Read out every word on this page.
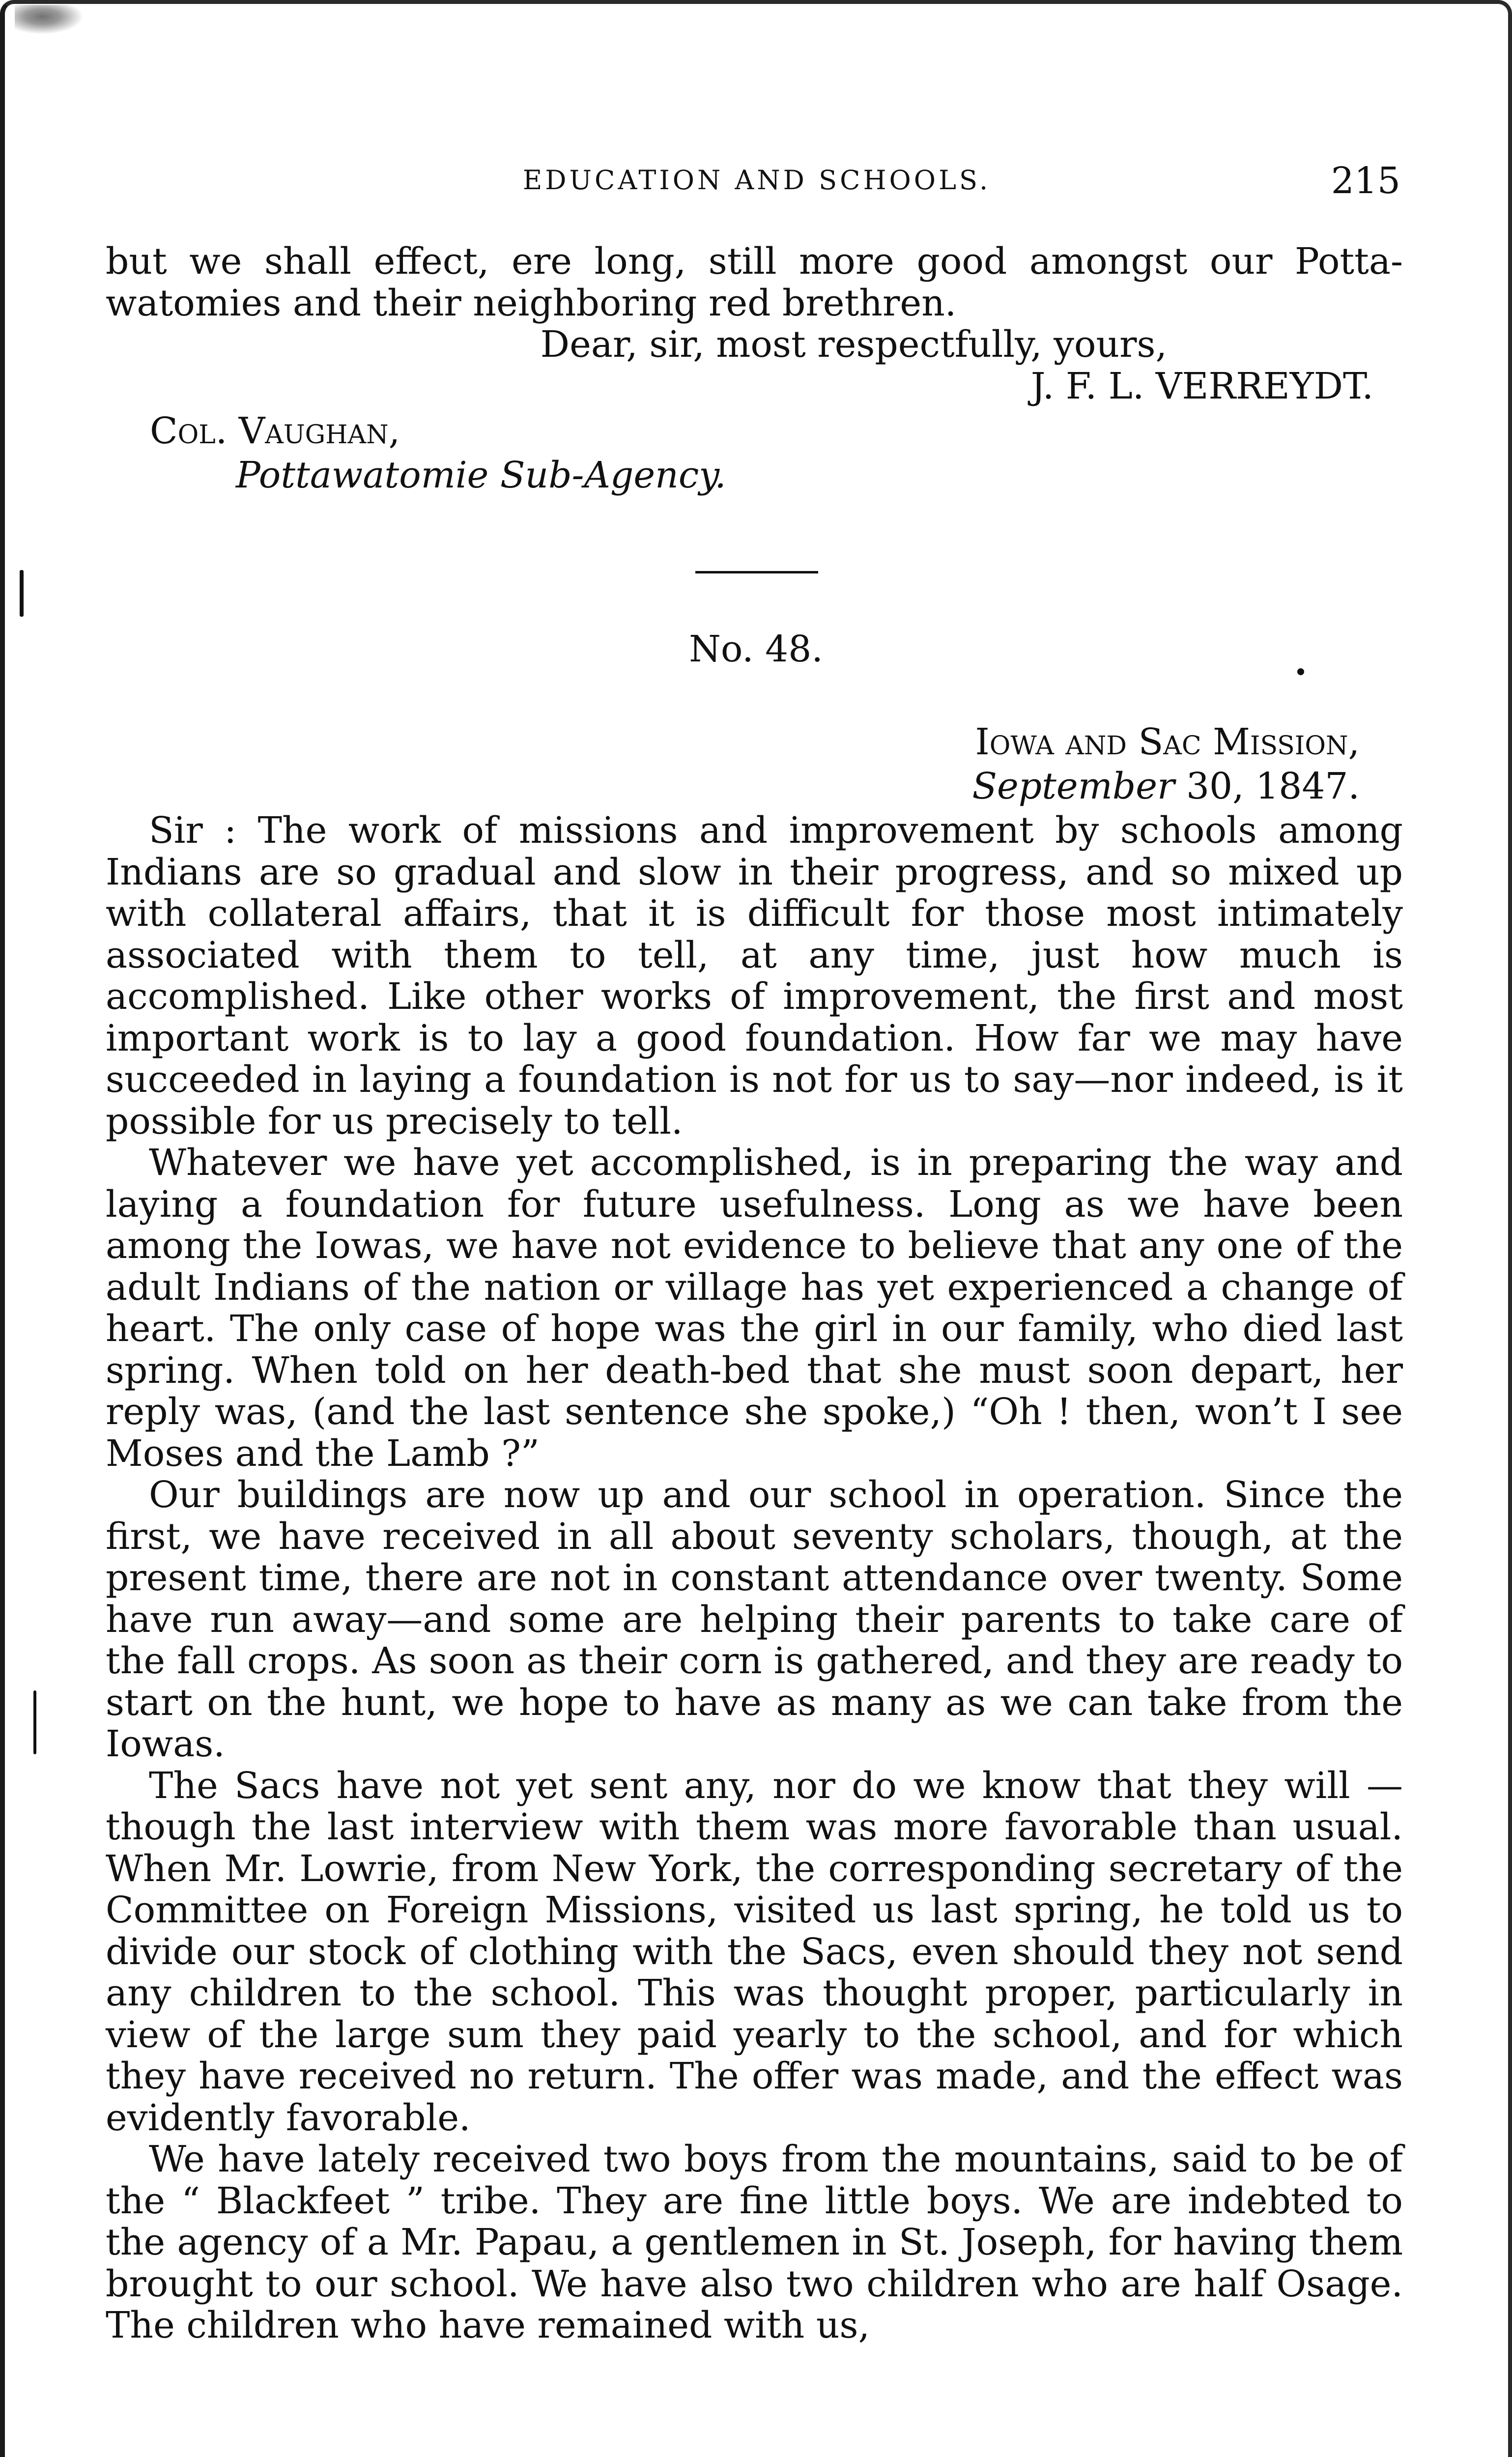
EDUCATION AND SCHOOLS.	215

but we shall effect, ere long, still more good amongst our Potta-watomies and their neighboring red brethren.

Dear, sir, most respectfully, yours,

J. F. L. VERREYDT.

Col. Vaughan,
Pottawatomie Sub-Agency.
No. 48.
Iowa and Sac Mission,
September 30, 1847.

Sir : The work of missions and improvement by schools among Indians are so gradual and slow in their progress, and so mixed up with collateral affairs, that it is difficult for those most intimately associated with them to tell, at any time, just how much is accomplished. Like other works of improvement, the first and most important work is to lay a good foundation. How far we may have succeeded in laying a foundation is not for us to say—nor indeed, is it possible for us precisely to tell.

Whatever we have yet accomplished, is in preparing the way and laying a foundation for future usefulness. Long as we have been among the Iowas, we have not evidence to believe that any one of the adult Indians of the nation or village has yet experienced a change of heart. The only case of hope was the girl in our family, who died last spring. When told on her death-bed that she must soon depart, her reply was, (and the last sentence she spoke,) “Oh ! then, won’t I see Moses and the Lamb ?”

Our buildings are now up and our school in operation. Since the first, we have received in all about seventy scholars, though, at the present time, there are not in constant attendance over twenty. Some have run away—and some are helping their parents to take care of the fall crops. As soon as their corn is gathered, and they are ready to start on the hunt, we hope to have as many as we can take from the Iowas.

The Sacs have not yet sent any, nor do we know that they will —though the last interview with them was more favorable than usual. When Mr. Lowrie, from New York, the corresponding secretary of the Committee on Foreign Missions, visited us last spring, he told us to divide our stock of clothing with the Sacs, even should they not send any children to the school. This was thought proper, particularly in view of the large sum they paid yearly to the school, and for which they have received no return. The offer was made, and the effect was evidently favorable.

We have lately received two boys from the mountains, said to be of the “ Blackfeet ” tribe. They are fine little boys. We are indebted to the agency of a Mr. Papau, a gentlemen in St. Joseph, for having them brought to our school. We have also two children who are half Osage. The children who have remained with us,
